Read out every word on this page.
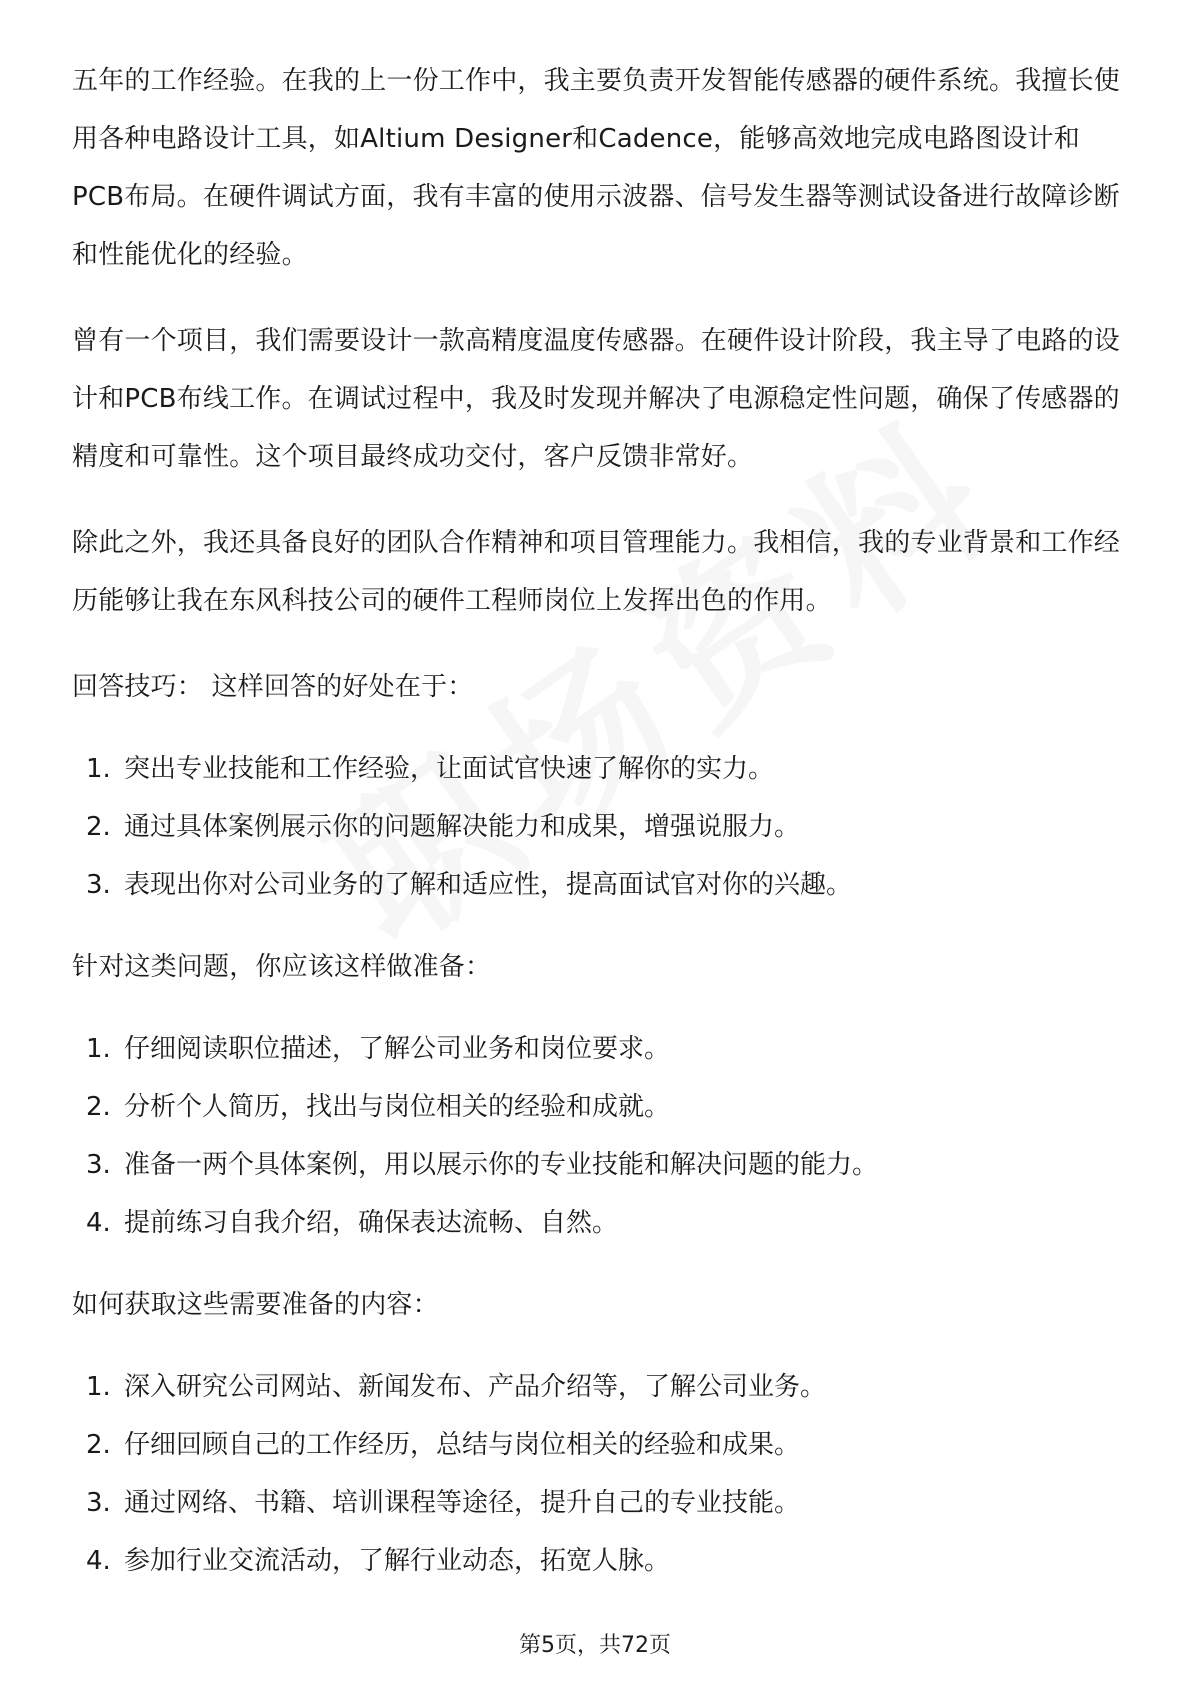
五年的工作经验。在我的上一份工作中，我主要负责开发智能传感器的硬件系统。我擅长使用各种电路设计工具，如Altium Designer和Cadence，能够高效地完成电路图设计和PCB布局。在硬件调试方面，我有丰富的使用示波器、信号发生器等测试设备进行故障诊断和性能优化的经验。

曾有一个项目，我们需要设计一款高精度温度传感器。在硬件设计阶段，我主导了电路的设计和PCB布线工作。在调试过程中，我及时发现并解决了电源稳定性问题，确保了传感器的精度和可靠性。这个项目最终成功交付，客户反馈非常好。

除此之外，我还具备良好的团队合作精神和项目管理能力。我相信，我的专业背景和工作经历能够让我在东风科技公司的硬件工程师岗位上发挥出色的作用。

回答技巧： 这样回答的好处在于：

1. 突出专业技能和工作经验，让面试官快速了解你的实力。
2. 通过具体案例展示你的问题解决能力和成果，增强说服力。
3. 表现出你对公司业务的了解和适应性，提高面试官对你的兴趣。

针对这类问题，你应该这样做准备：

1. 仔细阅读职位描述，了解公司业务和岗位要求。
2. 分析个人简历，找出与岗位相关的经验和成就。
3. 准备一两个具体案例，用以展示你的专业技能和解决问题的能力。
4. 提前练习自我介绍，确保表达流畅、自然。

如何获取这些需要准备的内容：

1. 深入研究公司网站、新闻发布、产品介绍等，了解公司业务。
2. 仔细回顾自己的工作经历，总结与岗位相关的经验和成果。
3. 通过网络、书籍、培训课程等途径，提升自己的专业技能。
4. 参加行业交流活动，了解行业动态，拓宽人脉。
第5页，共72页
